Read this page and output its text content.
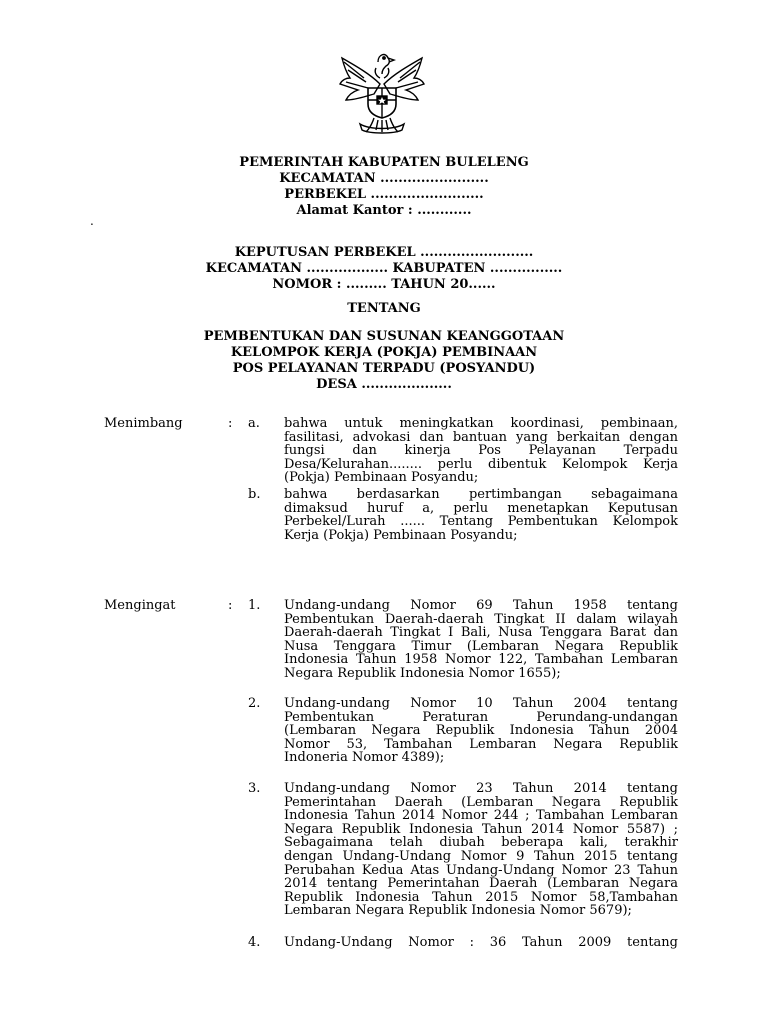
PEMERINTAH KABUPATEN BULELENG
KECAMATAN ........................
PERBEKEL .........................
Alamat Kantor : ............
.
KEPUTUSAN PERBEKEL .........................
KECAMATAN .................. KABUPATEN ................
NOMOR : ......... TAHUN 20......
TENTANG
PEMBENTUKAN DAN SUSUNAN KEANGGOTAAN
KELOMPOK KERJA (POKJA) PEMBINAAN
POS PELAYANAN TERPADU (POSYANDU)
DESA ....................
Menimbang	: a. bahwa untuk meningkatkan koordinasi, pembinaan,
fasilitasi, advokasi dan bantuan yang berkaitan dengan
fungsi dan kinerja Pos Pelayanan Terpadu
Desa/Kelurahan........ perlu dibentuk Kelompok Kerja
(Pokja) Pembinaan Posyandu;
b. bahwa berdasarkan pertimbangan sebagaimana
dimaksud huruf a, perlu menetapkan Keputusan
Perbekel/Lurah ...... Tentang Pembentukan Kelompok
Kerja (Pokja) Pembinaan Posyandu;
Mengingat	: 1. Undang-undang Nomor 69 Tahun 1958 tentang
Pembentukan Daerah-daerah Tingkat II dalam wilayah
Daerah-daerah Tingkat I Bali, Nusa Tenggara Barat dan
Nusa Tenggara Timur (Lembaran Negara Republik
Indonesia Tahun 1958 Nomor 122, Tambahan Lembaran
Negara Republik Indonesia Nomor 1655);
2. Undang-undang Nomor 10 Tahun 2004 tentang
Pembentukan Peraturan Perundang-undangan
(Lembaran Negara Republik Indonesia Tahun 2004
Nomor 53, Tambahan Lembaran Negara Republik
Indoneria Nomor 4389);
3. Undang-undang Nomor 23 Tahun 2014 tentang
Pemerintahan Daerah (Lembaran Negara Republik
Indonesia Tahun 2014 Nomor 244 ; Tambahan Lembaran
Negara Republik Indonesia Tahun 2014 Nomor 5587) ;
Sebagaimana telah diubah beberapa kali, terakhir
dengan Undang-Undang Nomor 9 Tahun 2015 tentang
Perubahan Kedua Atas Undang-Undang Nomor 23 Tahun
2014 tentang Pemerintahan Daerah (Lembaran Negara
Republik Indonesia Tahun 2015 Nomor 58,Tambahan
Lembaran Negara Republik Indonesia Nomor 5679);
4. Undang-Undang Nomor : 36 Tahun 2009 tentang
